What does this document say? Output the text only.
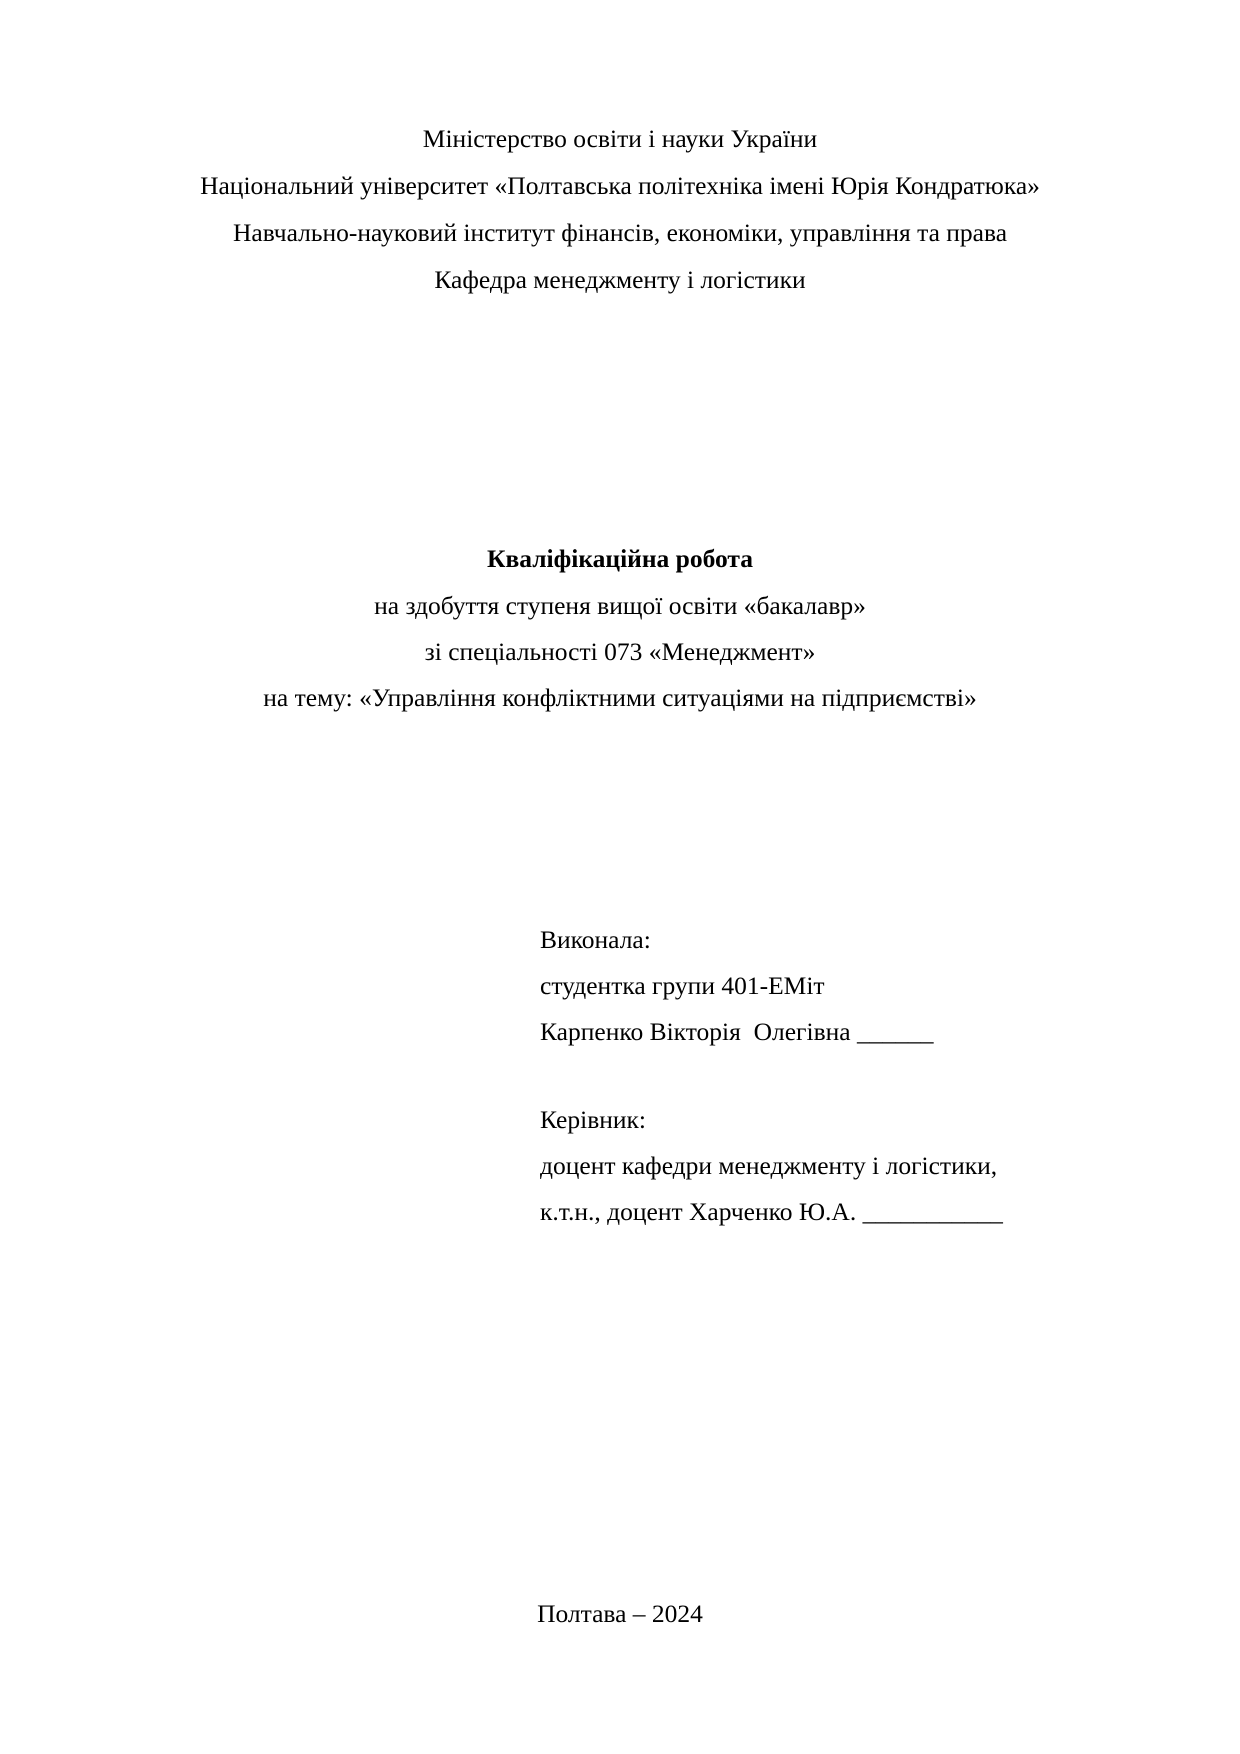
Міністерство освіти і науки України
Національний університет «Полтавська політехніка імені Юрія Кондратюка»
Навчально-науковий інститут фінансів, економіки, управління та права
Кафедра менеджменту і логістики
Кваліфікаційна робота
на здобуття ступеня вищої освіти «бакалавр»
зі спеціальності 073 «Менеджмент»
на тему: «Управління конфліктними ситуаціями на підприємстві»
Виконала:
студентка групи 401-ЕМіт
Карпенко Вікторія  Олегівна ______
Керівник:
доцент кафедри менеджменту і логістики,
к.т.н., доцент Харченко Ю.А. ___________
Полтава – 2024
